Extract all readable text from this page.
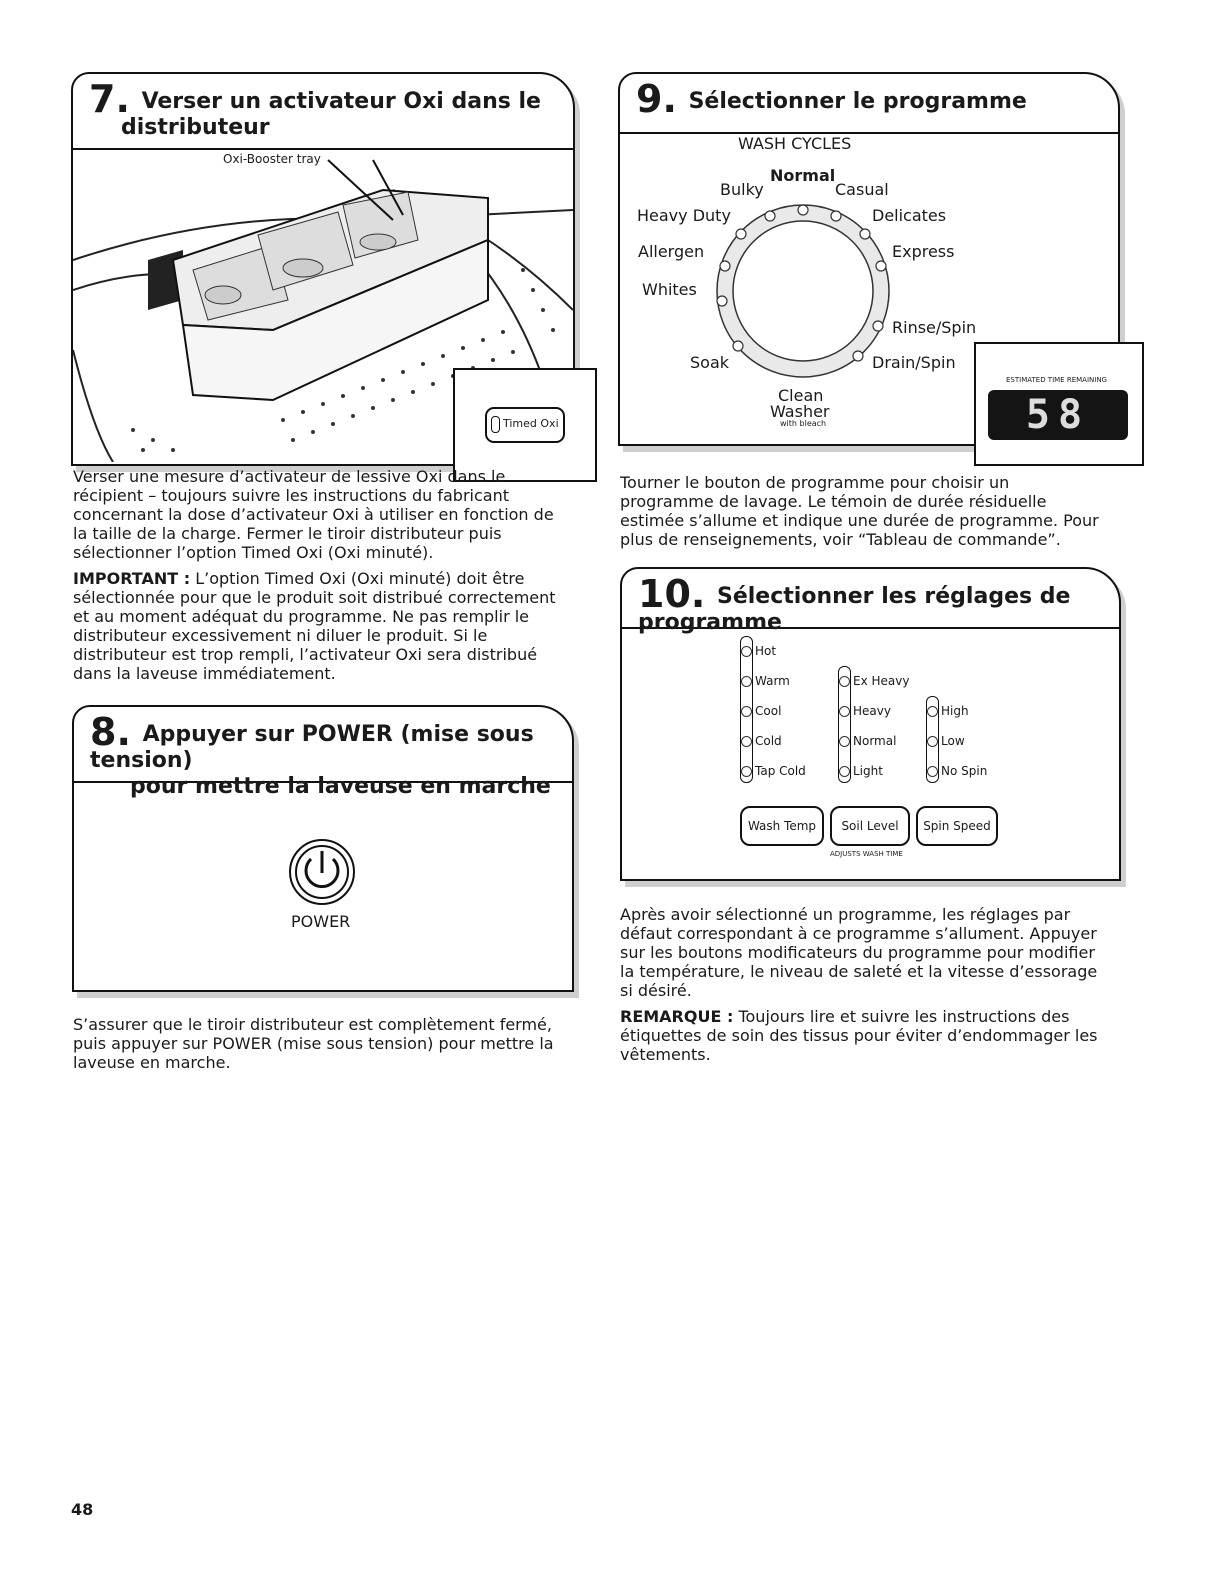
7. Verser un activateur Oxi dans le
distributeur
Oxi-Booster tray
Timed Oxi

Verser une mesure d’activateur de lessive Oxi dans le récipient – toujours suivre les instructions du fabricant concernant la dose d’activateur Oxi à utiliser en fonction de la taille de la charge. Fermer le tiroir distributeur puis sélectionner l’option Timed Oxi (Oxi minuté).

IMPORTANT : L’option Timed Oxi (Oxi minuté) doit être sélectionnée pour que le produit soit distribué correctement et au moment adéquat du programme. Ne pas remplir le distributeur excessivement ni diluer le produit. Si le distributeur est trop rempli, l’activateur Oxi sera distribué dans la laveuse immédiatement.

8. Appuyer sur POWER (mise sous tension)
pour mettre la laveuse en marche
POWER

S’assurer que le tiroir distributeur est complètement fermé, puis appuyer sur POWER (mise sous tension) pour mettre la laveuse en marche.

9. Sélectionner le programme
WASH CYCLES
Normal
Bulky	Casual
Heavy Duty	Delicates
Allergen	Express
Whites
Rinse/Spin
Soak	Drain/Spin
Clean
Washer
with bleach
ESTIMATED TIME REMAINING
58

Tourner le bouton de programme pour choisir un programme de lavage. Le témoin de durée résiduelle estimée s’allume et indique une durée de programme. Pour plus de renseignements, voir “Tableau de commande”.

10. Sélectionner les réglages de programme
Hot
Warm
Cool
Cold
Tap Cold
Ex Heavy
Heavy
Normal
Light
High
Low
No Spin
Wash Temp	Soil Level	Spin Speed
ADJUSTS WASH TIME

Après avoir sélectionné un programme, les réglages par défaut correspondant à ce programme s’allument. Appuyer sur les boutons modificateurs du programme pour modifier la température, le niveau de saleté et la vitesse d’essorage si désiré.

REMARQUE : Toujours lire et suivre les instructions des étiquettes de soin des tissus pour éviter d’endommager les vêtements.

48
